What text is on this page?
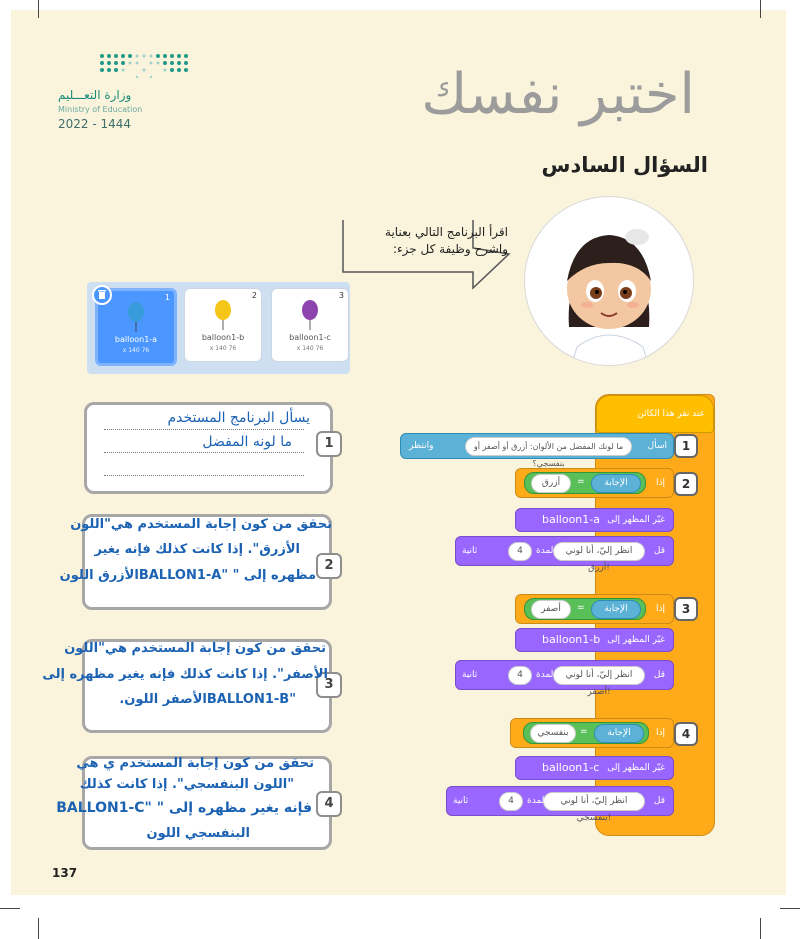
وزارة التعـــليم
Ministry of Education
2022 - 1444	اختبر نفسك
السؤال السادس
اقرأ البرنامج التالي بعناية
واشرح وظيفة كل جزء:
1
balloon1-a
x 140 76
2
balloon1-b
x 140 76
3
balloon1-c
x 140 76
1
يسأل البرنامج المستخدم
ما لونه المفضل
2
تحقق من كون إجابة المستخدم هي"اللون
الأزرق". إذا كانت كذلك فإنه يغير
مظهره إلى " "BALLON1-Aالأزرق اللون
3
تحقق من كون إجابة المستخدم هي"اللون
الأصفر". إذا كانت كذلك فإنه يغير مظهره إلى
"BALLON1-Bالأصفر اللون.
4
تحقق من كون إجابة المستخدم ي هي
"اللون البنفسجي". إذا كانت كذلك
فإنه يغير مظهره إلى " "BALLON1-C
البنفسجي اللون
عند نقر هذا الكائن
اسأل
ما لونك المفضل من الألوان: أزرق أو أصفر أو بنفسجي؟
وانتظر	1
إذا
أزرق	=	الإجابة	2
غيّر المظهر إلى
balloon1-a
قل
انظر إليّ، أنا لوني أزرق!
لمدة
4
ثانية
إذا
أصفر	=	الإجابة	3
غيّر المظهر إلى
balloon1-b
قل
انظر إليّ، أنا لوني أصفر!
لمدة
4
ثانية
إذا
بنفسجي	=	الإجابة	4
غيّر المظهر إلى
balloon1-c
قل
انظر إليّ، أنا لوني بنفسجي!
لمدة
4
ثانية
137
